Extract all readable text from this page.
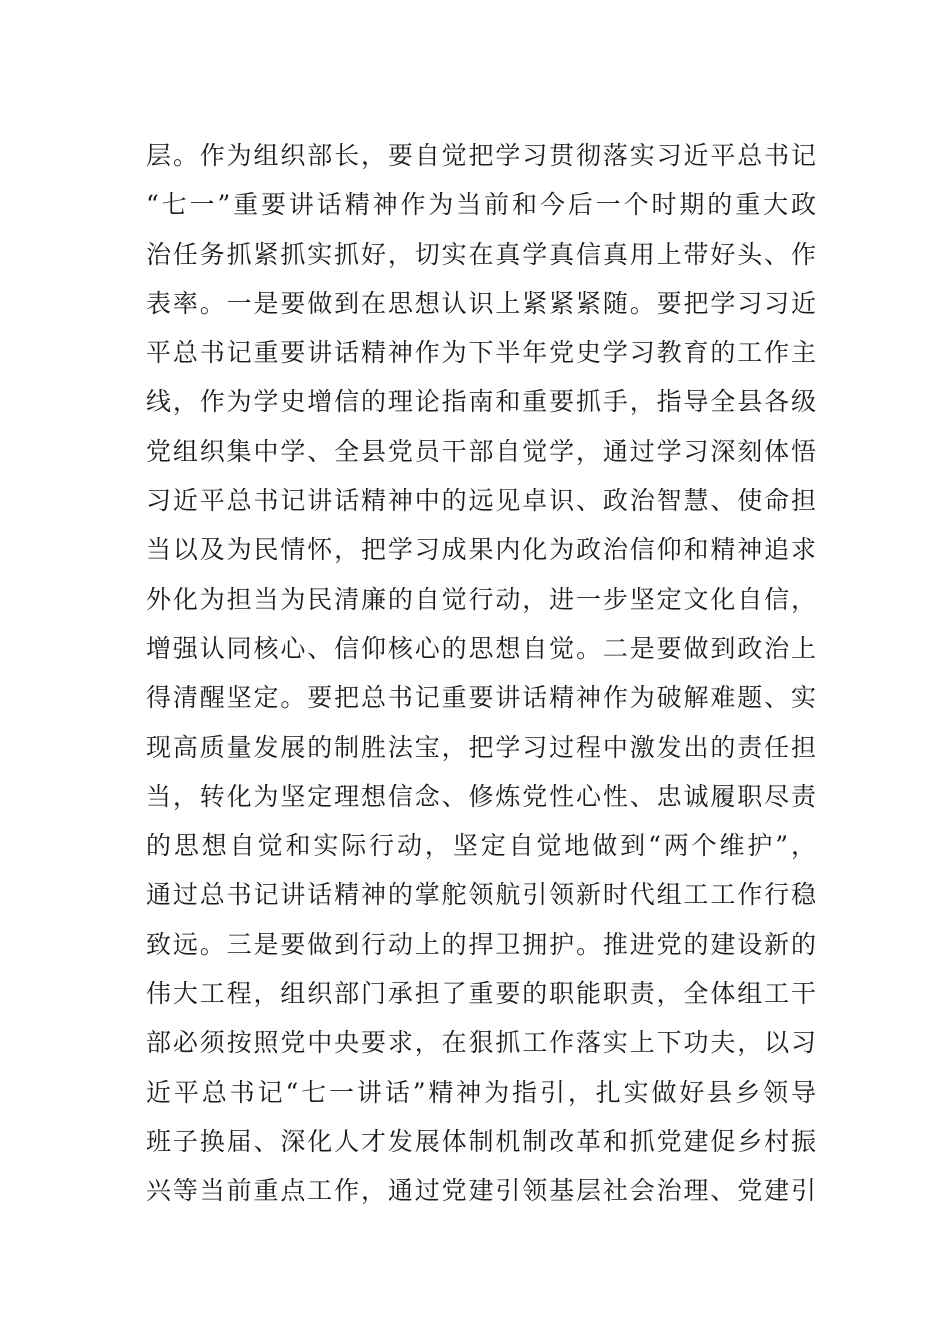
层。作为组织部长，要自觉把学习贯彻落实习近平总书记
“七一”重要讲话精神作为当前和今后一个时期的重大政
治任务抓紧抓实抓好，切实在真学真信真用上带好头、作
表率。一是要做到在思想认识上紧紧紧随。要把学习习近
平总书记重要讲话精神作为下半年党史学习教育的工作主
线，作为学史增信的理论指南和重要抓手，指导全县各级
党组织集中学、全县党员干部自觉学，通过学习深刻体悟
习近平总书记讲话精神中的远见卓识、政治智慧、使命担
当以及为民情怀，把学习成果内化为政治信仰和精神追求
外化为担当为民清廉的自觉行动，进一步坚定文化自信，
增强认同核心、信仰核心的思想自觉。二是要做到政治上
得清醒坚定。要把总书记重要讲话精神作为破解难题、实
现高质量发展的制胜法宝，把学习过程中激发出的责任担
当，转化为坚定理想信念、修炼党性心性、忠诚履职尽责
的思想自觉和实际行动，坚定自觉地做到“两个维护”，
通过总书记讲话精神的掌舵领航引领新时代组工工作行稳
致远。三是要做到行动上的捍卫拥护。推进党的建设新的
伟大工程，组织部门承担了重要的职能职责，全体组工干
部必须按照党中央要求，在狠抓工作落实上下功夫，以习
近平总书记“七一讲话”精神为指引，扎实做好县乡领导
班子换届、深化人才发展体制机制改革和抓党建促乡村振
兴等当前重点工作，通过党建引领基层社会治理、党建引
